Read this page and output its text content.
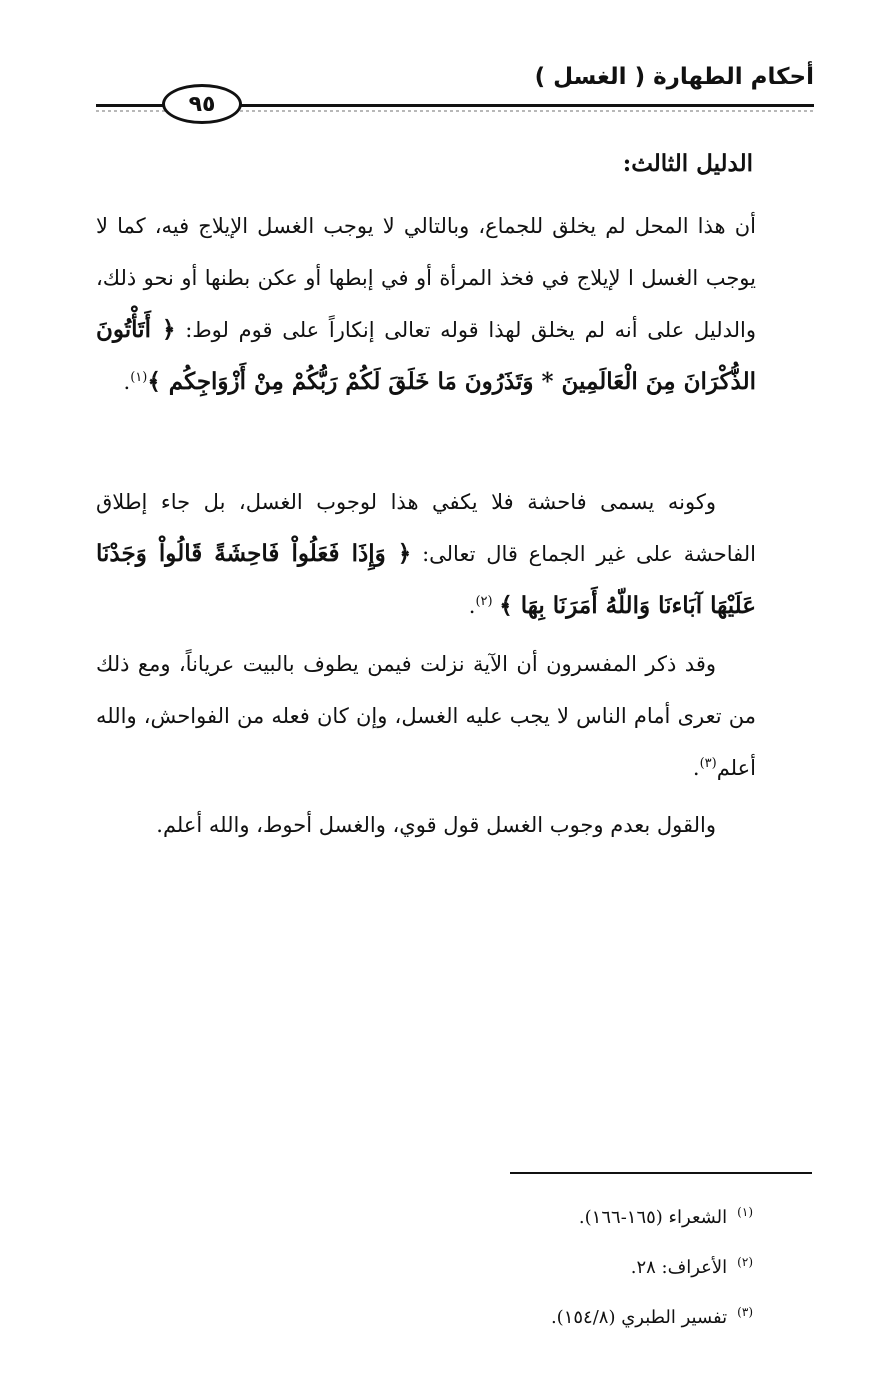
أحكام الطهارة ( الغسل )
٩٥
الدليل الثالث:
أن هذا المحل لم يخلق للجماع، وبالتالي لا يوجب الغسل الإيلاج فيه، كما لا يوجب الغسل ا لإيلاج في فخذ المرأة أو في إبطها أو عكن بطنها أو نحو ذلك، والدليل على أنه لم يخلق لهذا قوله تعالى إنكاراً على قوم لوط: ﴿ أَتَأْتُونَ الذُّكْرَانَ مِنَ الْعَالَمِينَ * وَتَذَرُونَ مَا خَلَقَ لَكُمْ رَبُّكُمْ مِنْ أَزْوَاجِكُم ﴾$^{(١)}$.
وكونه يسمى فاحشة فلا يكفي هذا لوجوب الغسل، بل جاء إطلاق الفاحشة على غير الجماع قال تعالى: ﴿ وَإِذَا فَعَلُواْ فَاحِشَةً قَالُواْ وَجَدْنَا عَلَيْهَا آبَاءنَا وَاللّهُ أَمَرَنَا بِهَا ﴾ $^{(٢)}$.
وقد ذكر المفسرون أن الآية نزلت فيمن يطوف بالبيت عرياناً، ومع ذلك من تعرى أمام الناس لا يجب عليه الغسل، وإن كان فعله من الفواحش، والله أعلم$^{(٣)}$.
والقول بعدم وجوب الغسل قول قوي، والغسل أحوط، والله أعلم.
$^{(١)}$الشعراء (١٦٥-١٦٦).
$^{(٢)}$الأعراف: ٢٨.
$^{(٣)}$تفسير الطبري (١٥٤/٨).
